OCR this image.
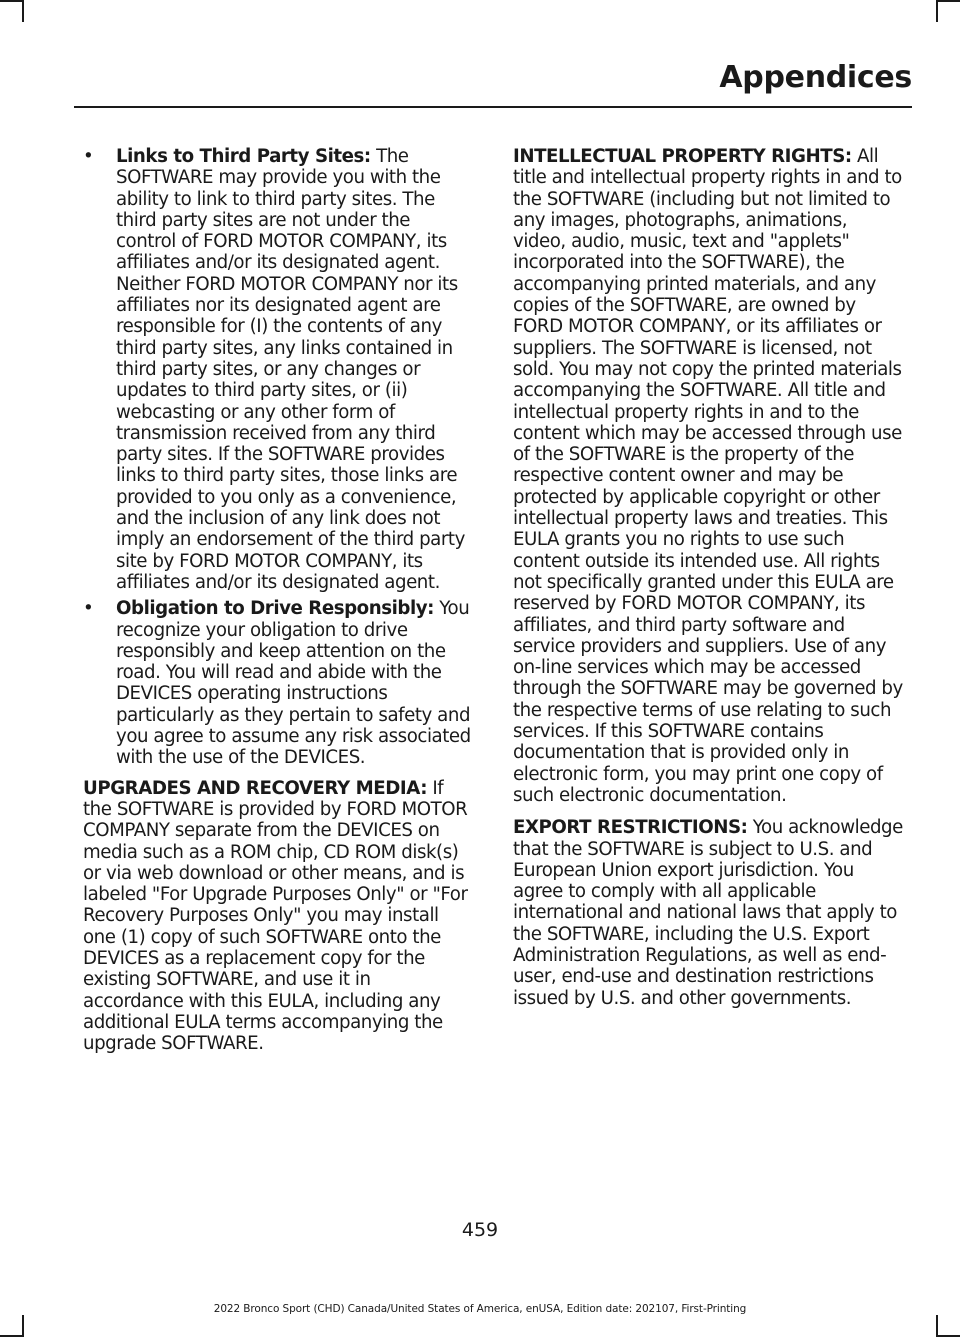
Appendices
• Links to Third Party Sites: The SOFTWARE may provide you with the ability to link to third party sites. The third party sites are not under the control of FORD MOTOR COMPANY, its affiliates and/or its designated agent. Neither FORD MOTOR COMPANY nor its affiliates nor its designated agent are responsible for (I) the contents of any third party sites, any links contained in third party sites, or any changes or updates to third party sites, or (ii) webcasting or any other form of transmission received from any third party sites. If the SOFTWARE provides links to third party sites, those links are provided to you only as a convenience, and the inclusion of any link does not imply an endorsement of the third party site by FORD MOTOR COMPANY, its affiliates and/or its designated agent.
• Obligation to Drive Responsibly: You recognize your obligation to drive responsibly and keep attention on the road. You will read and abide with the DEVICES operating instructions particularly as they pertain to safety and you agree to assume any risk associated with the use of the DEVICES.

UPGRADES AND RECOVERY MEDIA: If the SOFTWARE is provided by FORD MOTOR COMPANY separate from the DEVICES on media such as a ROM chip, CD ROM disk(s) or via web download or other means, and is labeled "For Upgrade Purposes Only" or "For Recovery Purposes Only" you may install one (1) copy of such SOFTWARE onto the DEVICES as a replacement copy for the existing SOFTWARE, and use it in accordance with this EULA, including any additional EULA terms accompanying the upgrade SOFTWARE.

INTELLECTUAL PROPERTY RIGHTS: All title and intellectual property rights in and to the SOFTWARE (including but not limited to any images, photographs, animations, video, audio, music, text and "applets" incorporated into the SOFTWARE), the accompanying printed materials, and any copies of the SOFTWARE, are owned by FORD MOTOR COMPANY, or its affiliates or suppliers. The SOFTWARE is licensed, not sold. You may not copy the printed materials accompanying the SOFTWARE. All title and intellectual property rights in and to the content which may be accessed through use of the SOFTWARE is the property of the respective content owner and may be protected by applicable copyright or other intellectual property laws and treaties. This EULA grants you no rights to use such content outside its intended use. All rights not specifically granted under this EULA are reserved by FORD MOTOR COMPANY, its affiliates, and third party software and service providers and suppliers. Use of any on-line services which may be accessed through the SOFTWARE may be governed by the respective terms of use relating to such services. If this SOFTWARE contains documentation that is provided only in electronic form, you may print one copy of such electronic documentation.

EXPORT RESTRICTIONS: You acknowledge that the SOFTWARE is subject to U.S. and European Union export jurisdiction. You agree to comply with all applicable international and national laws that apply to the SOFTWARE, including the U.S. Export Administration Regulations, as well as end-user, end-use and destination restrictions issued by U.S. and other governments.

459
2022 Bronco Sport (CHD) Canada/United States of America, enUSA, Edition date: 202107, First-Printing
